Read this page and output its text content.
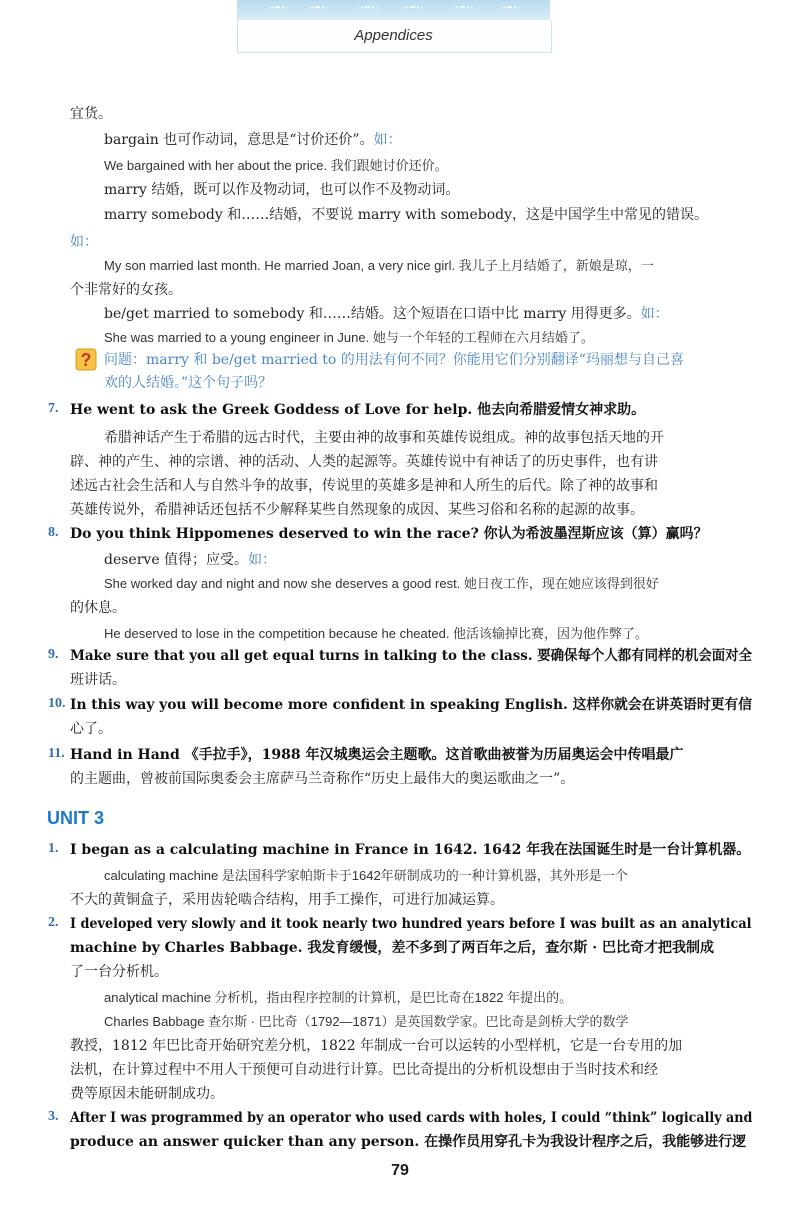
Appendices
宜货。
bargain 也可作动词，意思是“讨价还价”。如：
We bargained with her about the price. 我们跟她讨价还价。
marry 结婚，既可以作及物动词，也可以作不及物动词。
marry somebody 和……结婚，不要说 marry with somebody，这是中国学生中常见的错误。
如：
My son married last month. He married Joan, a very nice girl. 我儿子上月结婚了，新娘是琼，一
个非常好的女孩。
be/get married to somebody 和……结婚。这个短语在口语中比 marry 用得更多。如：
She was married to a young engineer in June. 她与一个年轻的工程师在六月结婚了。
? 问题：marry 和 be/get married to 的用法有何不同？你能用它们分别翻译“玛丽想与自己喜
欢的人结婚。”这个句子吗？
7. He went to ask the Greek Goddess of Love for help. 他去向希腊爱情女神求助。
希腊神话产生于希腊的远古时代，主要由神的故事和英雄传说组成。神的故事包括天地的开
辟、神的产生、神的宗谱、神的活动、人类的起源等。英雄传说中有神话了的历史事件，也有讲
述远古社会生活和人与自然斗争的故事，传说里的英雄多是神和人所生的后代。除了神的故事和
英雄传说外，希腊神话还包括不少解释某些自然现象的成因、某些习俗和名称的起源的故事。
8. Do you think Hippomenes deserved to win the race? 你认为希波墨涅斯应该（算）赢吗？
deserve 值得；应受。如：
She worked day and night and now she deserves a good rest. 她日夜工作，现在她应该得到很好
的休息。
He deserved to lose in the competition because he cheated. 他活该输掉比赛，因为他作弊了。
9. Make sure that you all get equal turns in talking to the class. 要确保每个人都有同样的机会面对全
班讲话。
10. In this way you will become more confident in speaking English. 这样你就会在讲英语时更有信
心了。
11. Hand in Hand 《手拉手》，1988 年汉城奥运会主题歌。这首歌曲被誉为历届奥运会中传唱最广
的主题曲，曾被前国际奥委会主席萨马兰奇称作“历史上最伟大的奥运歌曲之一”。
UNIT 3
1. I began as a calculating machine in France in 1642. 1642 年我在法国诞生时是一台计算机器。
calculating machine 是法国科学家帕斯卡于1642年研制成功的一种计算机器，其外形是一个
不大的黄铜盒子，采用齿轮啮合结构，用手工操作，可进行加减运算。
2. I developed very slowly and it took nearly two hundred years before I was built as an analytical
machine by Charles Babbage. 我发育缓慢，差不多到了两百年之后，查尔斯 · 巴比奇才把我制成
了一台分析机。
analytical machine 分析机，指由程序控制的计算机，是巴比奇在1822 年提出的。
Charles Babbage 查尔斯 · 巴比奇（1792—1871）是英国数学家。巴比奇是剑桥大学的数学
教授，1812 年巴比奇开始研究差分机，1822 年制成一台可以运转的小型样机，它是一台专用的加
法机，在计算过程中不用人干预便可自动进行计算。巴比奇提出的分析机设想由于当时技术和经
费等原因未能研制成功。
3. After I was programmed by an operator who used cards with holes, I could “think” logically and
produce an answer quicker than any person. 在操作员用穿孔卡为我设计程序之后，我能够进行逻
79
